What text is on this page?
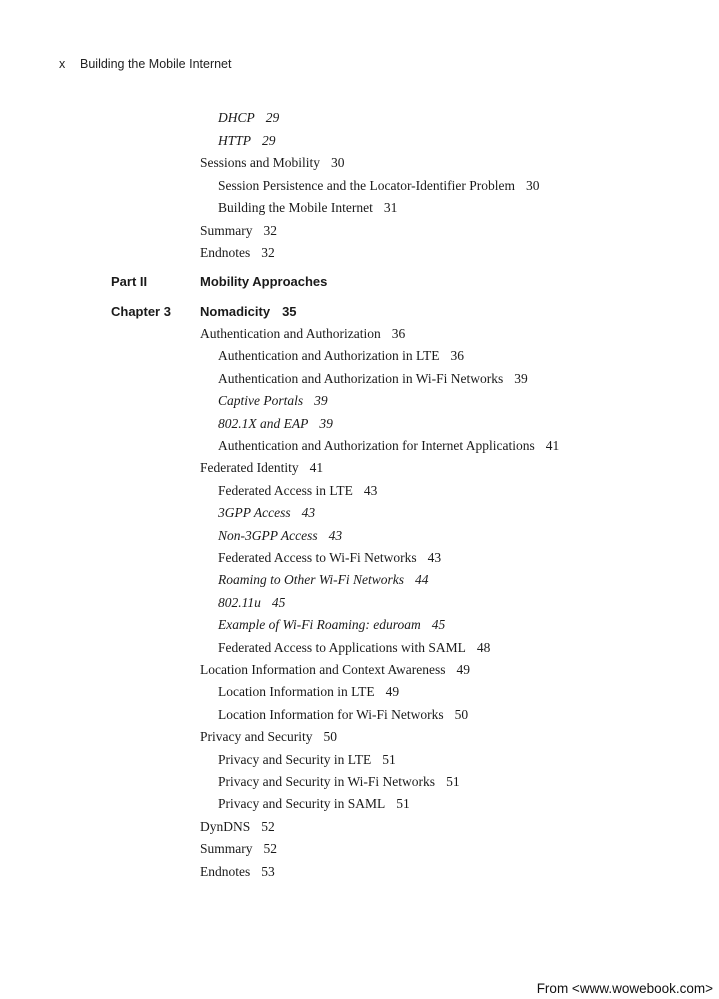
x Building the Mobile Internet
DHCP 29
HTTP 29
Sessions and Mobility 30
Session Persistence and the Locator-Identifier Problem 30
Building the Mobile Internet 31
Summary 32
Endnotes 32
Part II	Mobility Approaches
Chapter 3 Nomadicity 35
Authentication and Authorization 36
Authentication and Authorization in LTE 36
Authentication and Authorization in Wi-Fi Networks 39
Captive Portals 39
802.1X and EAP 39
Authentication and Authorization for Internet Applications 41
Federated Identity 41
Federated Access in LTE 43
3GPP Access 43
Non-3GPP Access 43
Federated Access to Wi-Fi Networks 43
Roaming to Other Wi-Fi Networks 44
802.11u 45
Example of Wi-Fi Roaming: eduroam 45
Federated Access to Applications with SAML 48
Location Information and Context Awareness 49
Location Information in LTE 49
Location Information for Wi-Fi Networks 50
Privacy and Security 50
Privacy and Security in LTE 51
Privacy and Security in Wi-Fi Networks 51
Privacy and Security in SAML 51
DynDNS 52
Summary 52
Endnotes 53
From <www.wowebook.com>
